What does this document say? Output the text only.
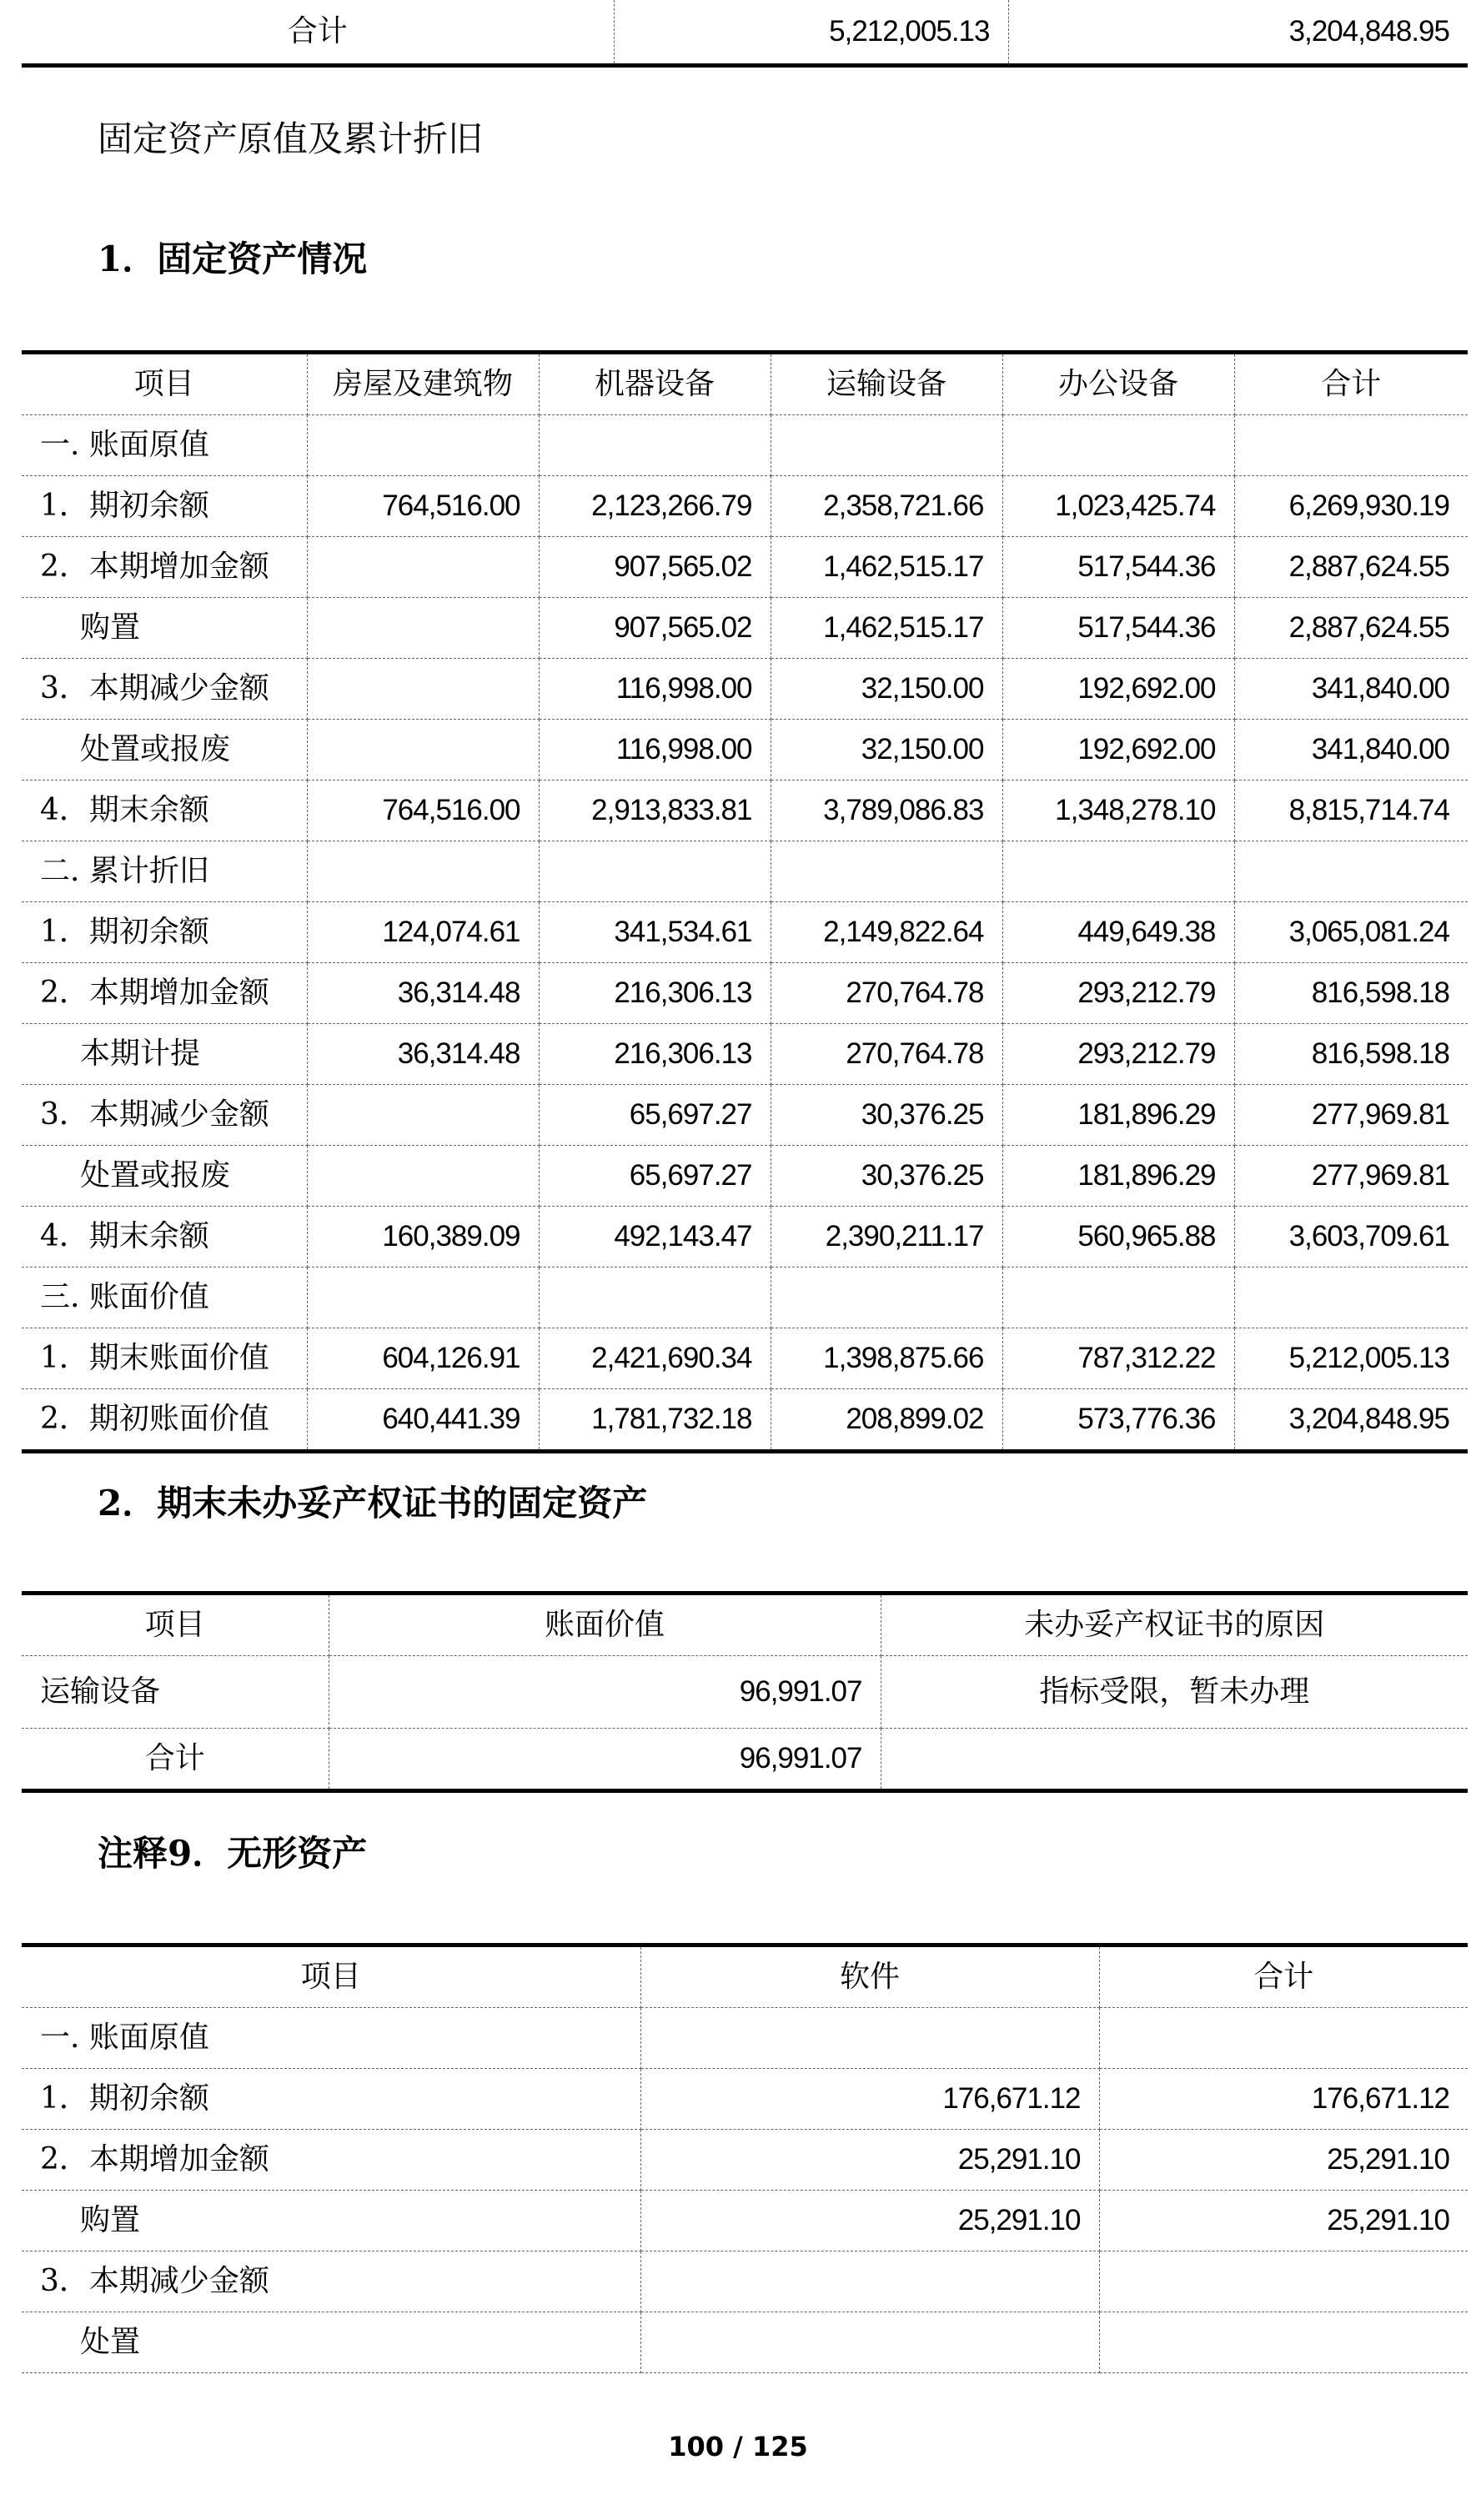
合计	5,212,005.13	3,204,848.95
固定资产原值及累计折旧
1．固定资产情况
项目	房屋及建筑物	机器设备	运输设备	办公设备	合计
一. 账面原值					
1．期初余额	764,516.00	2,123,266.79	2,358,721.66	1,023,425.74	6,269,930.19
2．本期增加金额		907,565.02	1,462,515.17	517,544.36	2,887,624.55
购置		907,565.02	1,462,515.17	517,544.36	2,887,624.55
3．本期减少金额		116,998.00	32,150.00	192,692.00	341,840.00
处置或报废		116,998.00	32,150.00	192,692.00	341,840.00
4．期末余额	764,516.00	2,913,833.81	3,789,086.83	1,348,278.10	8,815,714.74
二. 累计折旧					
1．期初余额	124,074.61	341,534.61	2,149,822.64	449,649.38	3,065,081.24
2．本期增加金额	36,314.48	216,306.13	270,764.78	293,212.79	816,598.18
本期计提	36,314.48	216,306.13	270,764.78	293,212.79	816,598.18
3．本期减少金额		65,697.27	30,376.25	181,896.29	277,969.81
处置或报废		65,697.27	30,376.25	181,896.29	277,969.81
4．期末余额	160,389.09	492,143.47	2,390,211.17	560,965.88	3,603,709.61
三. 账面价值					
1．期末账面价值	604,126.91	2,421,690.34	1,398,875.66	787,312.22	5,212,005.13
2．期初账面价值	640,441.39	1,781,732.18	208,899.02	573,776.36	3,204,848.95
2．期末未办妥产权证书的固定资产
项目	账面价值	未办妥产权证书的原因
运输设备	96,991.07	指标受限，暂未办理
合计	96,991.07	
注释9．无形资产
项目	软件	合计
一. 账面原值		
1．期初余额	176,671.12	176,671.12
2．本期增加金额	25,291.10	25,291.10
购置	25,291.10	25,291.10
3．本期减少金额		
处置		
100 / 125
